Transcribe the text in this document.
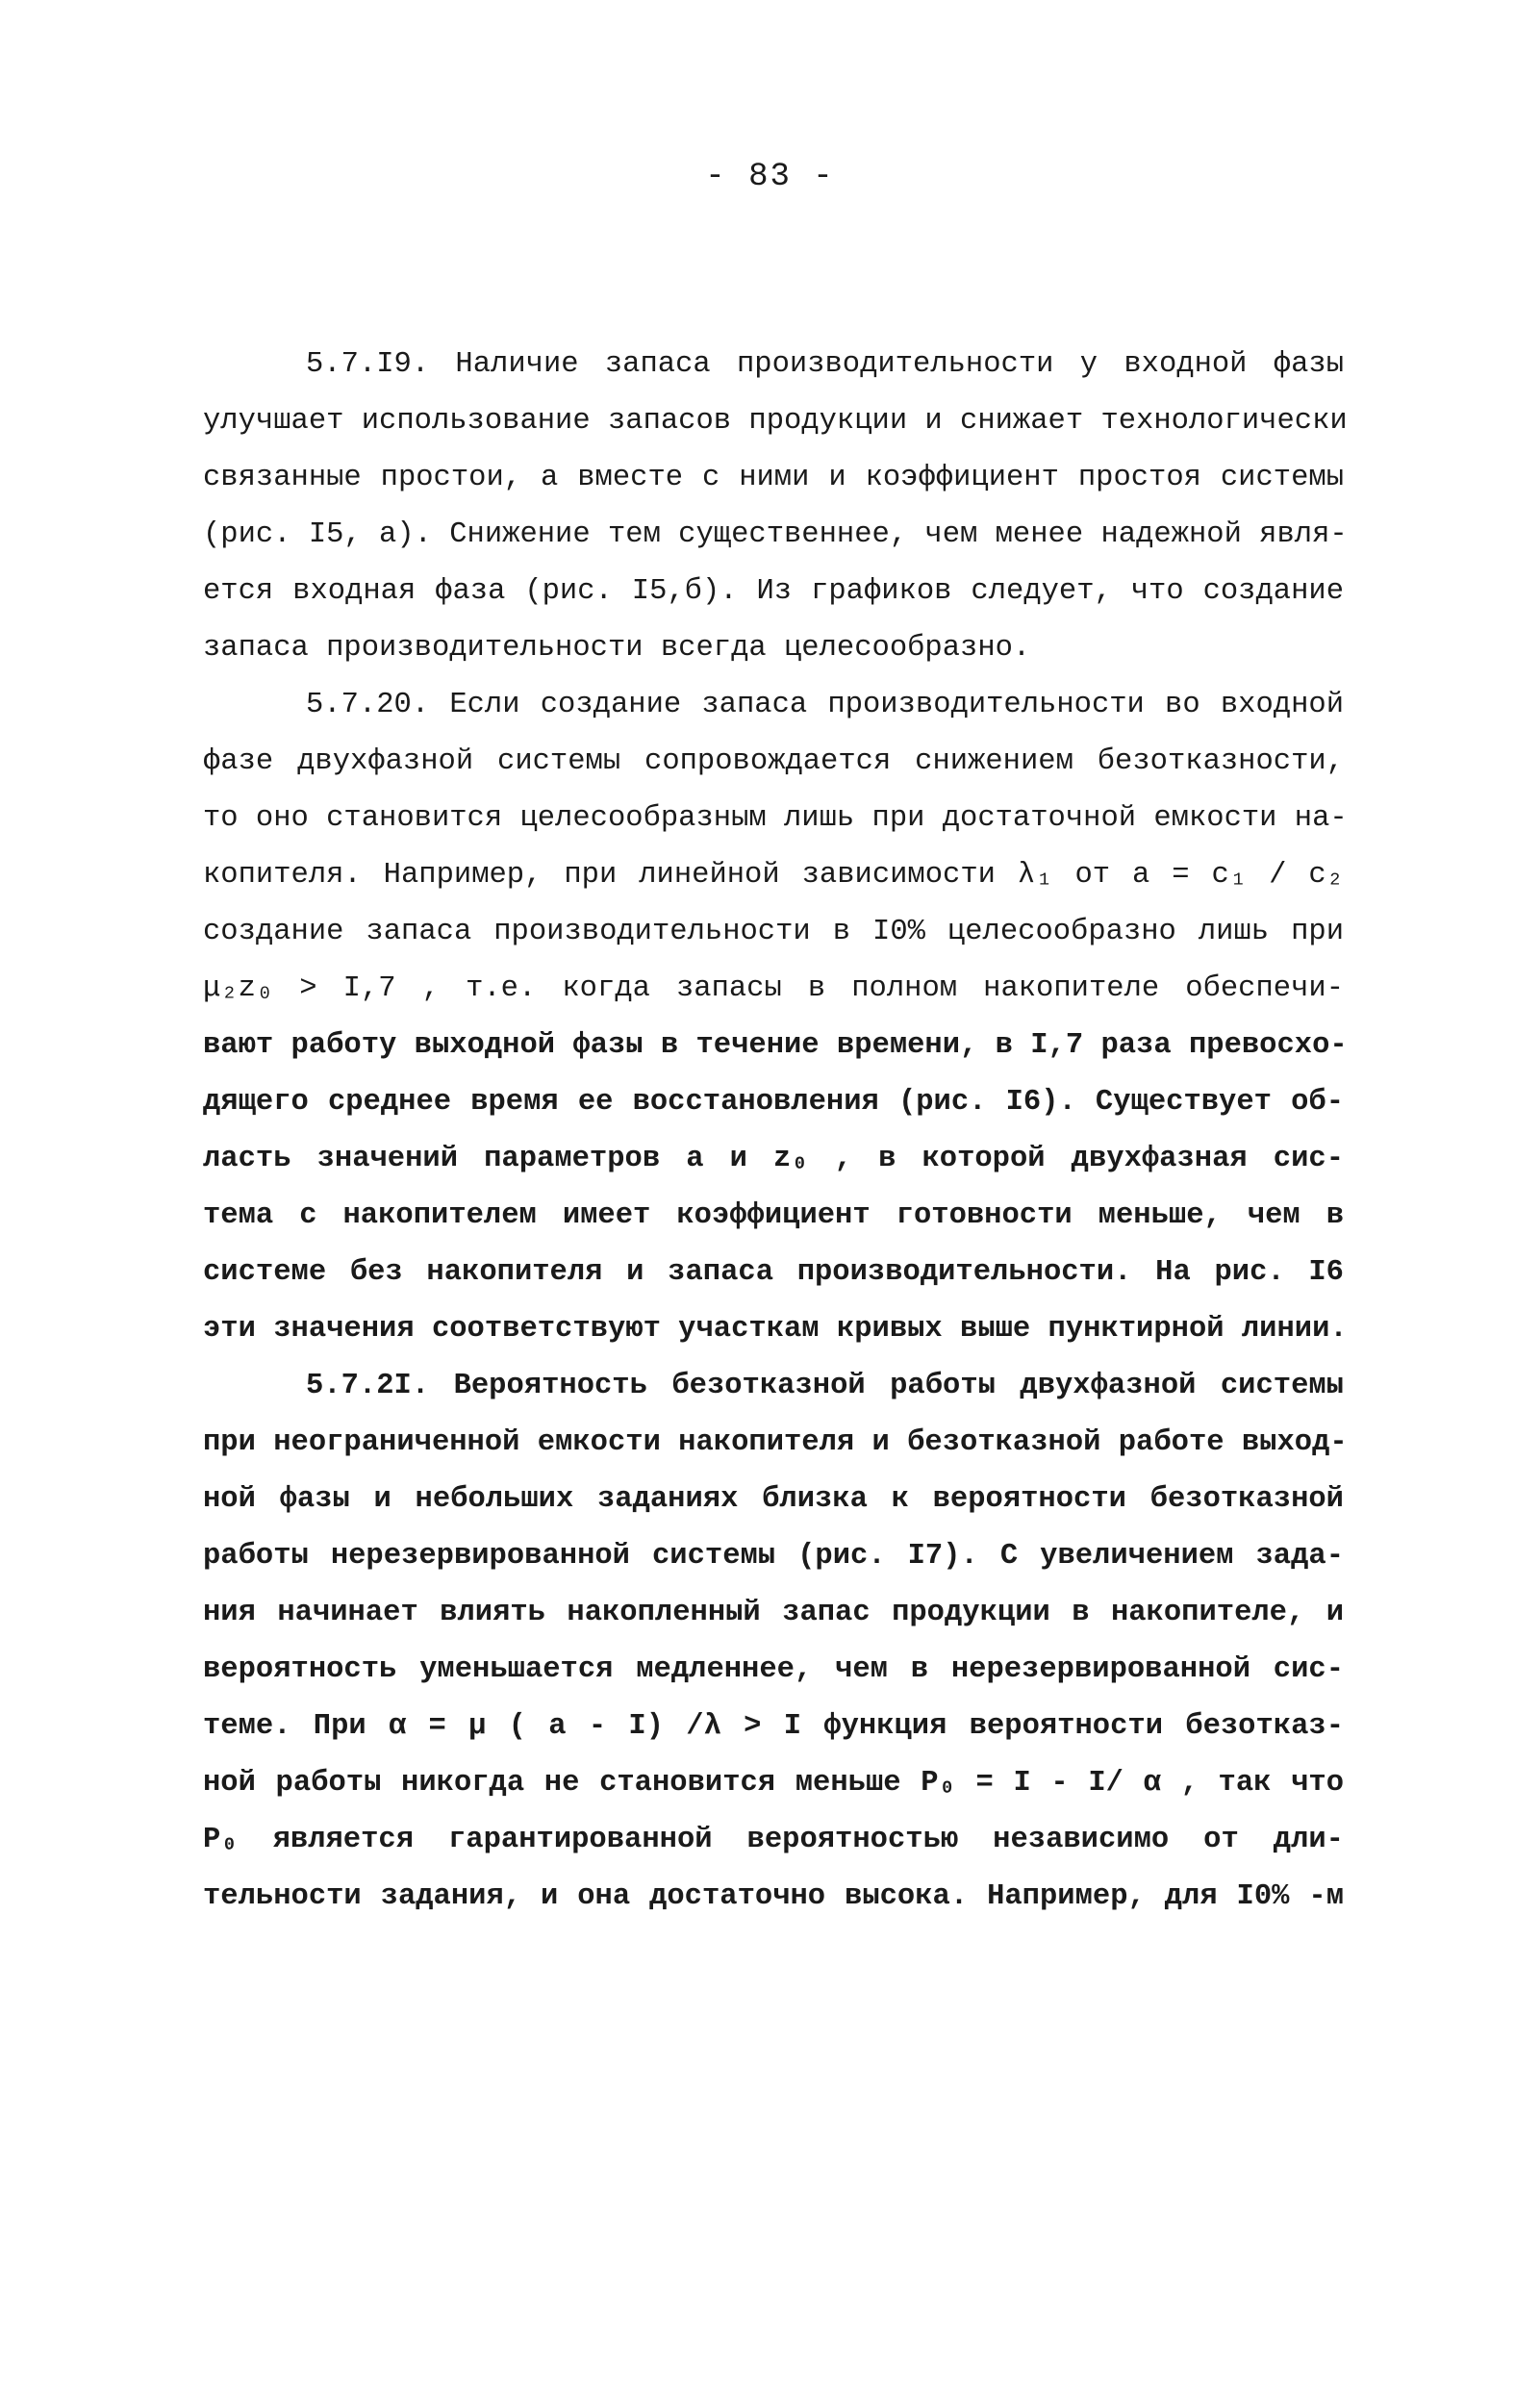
- 83 -
5.7.I9. Наличие запаса производительности у входной фазы
улучшает использование запасов продукции и снижает технологически
связанные простои, а вместе с ними и коэффициент простоя системы
(рис. I5, а). Снижение тем существеннее, чем менее надежной явля-
ется входная фаза (рис. I5,б). Из графиков следует, что создание
запаса производительности всегда целесообразно.
5.7.20. Если создание запаса производительности во входной
фазе двухфазной системы сопровождается снижением безотказности,
то оно становится целесообразным лишь при достаточной емкости на-
копителя. Например, при линейной зависимости λ₁ от a = c₁ / c₂
создание запаса производительности в I0% целесообразно лишь при
μ₂z₀ > I,7 , т.е. когда запасы в полном накопителе обеспечи-
вают работу выходной фазы в течение времени, в I,7 раза превосхо-
дящего среднее время ее восстановления (рис. I6). Существует об-
ласть значений параметров a и z₀ , в которой двухфазная сис-
тема с накопителем имеет коэффициент готовности меньше, чем в
системе без накопителя и запаса производительности. На рис. I6
эти значения соответствуют участкам кривых выше пунктирной линии.
5.7.2I. Вероятность безотказной работы двухфазной системы
при неограниченной емкости накопителя и безотказной работе выход-
ной фазы и небольших заданиях близка к вероятности безотказной
работы нерезервированной системы (рис. I7). С увеличением зада-
ния начинает влиять накопленный запас продукции в накопителе, и
вероятность уменьшается медленнее, чем в нерезервированной сис-
теме. При α = μ ( a - I) /λ > I функция вероятности безотказ-
ной работы никогда не становится меньше P₀ = I - I/ α , так что
P₀ является гарантированной вероятностью независимо от дли-
тельности задания, и она достаточно высока. Например, для I0% -м
